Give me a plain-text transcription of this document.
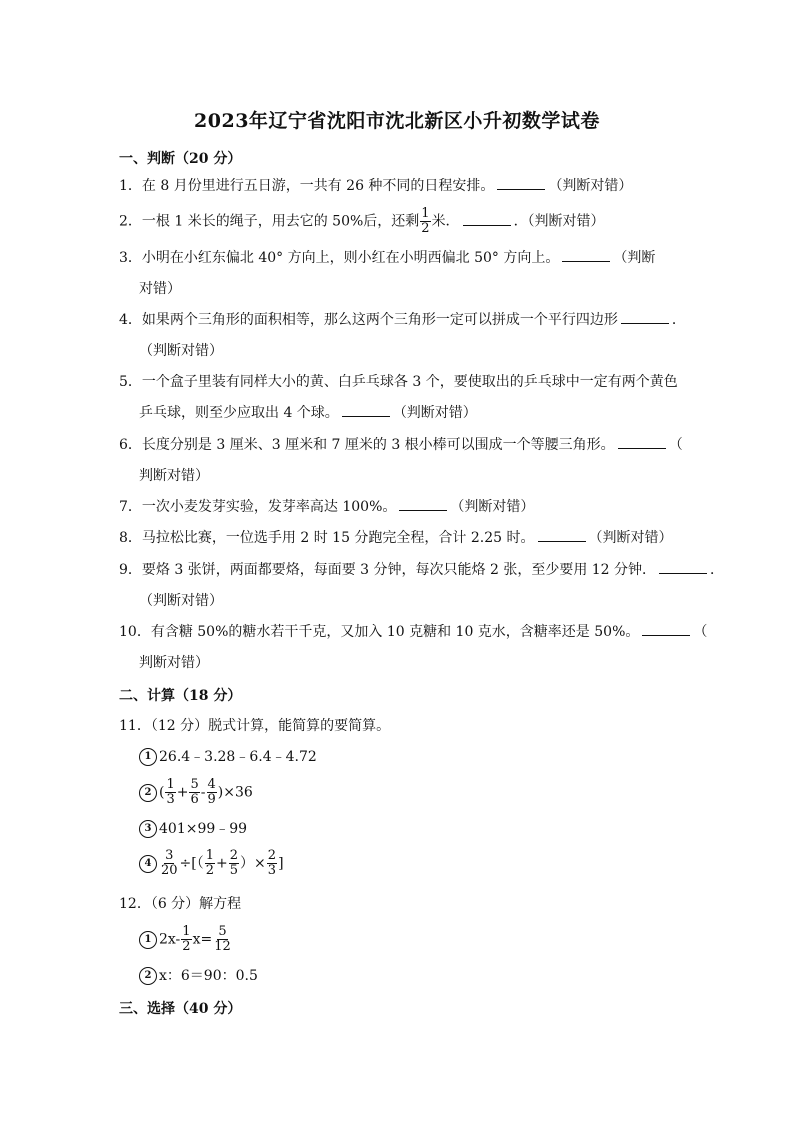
2023年辽宁省沈阳市沈北新区小升初数学试卷
一、判断（20 分）
1．在 8 月份里进行五日游，一共有 26 种不同的日程安排。	（判断对错）
2．一根 1 米长的绳子，用去它的 50%后，还剩 $\frac{1}{2}$ 米．	．（判断对错）
3．小明在小红东偏北 40° 方向上，则小红在小明西偏北 50° 方向上。	（判断
对错）
4．如果两个三角形的面积相等，那么这两个三角形一定可以拼成一个平行四边形	．
（判断对错）
5．一个盒子里装有同样大小的黄、白乒乓球各 3 个，要使取出的乒乓球中一定有两个黄色
乒乓球，则至少应取出 4 个球。	（判断对错）
6．长度分别是 3 厘米、3 厘米和 7 厘米的 3 根小棒可以围成一个等腰三角形。	（
判断对错）
7．一次小麦发芽实验，发芽率高达 100%。	（判断对错）
8．马拉松比赛，一位选手用 2 时 15 分跑完全程，合计 2.25 时。	（判断对错）
9．要烙 3 张饼，两面都要烙，每面要 3 分钟，每次只能烙 2 张，至少要用 12 分钟．	．
（判断对错）
10．有含糖 50%的糖水若干千克，又加入 10 克糖和 10 克水，含糖率还是 50%。	（
判断对错）
二、计算（18 分）
11．（12 分）脱式计算，能简算的要简算。
1 26.4﹣3.28﹣6.4﹣4.72
2 ( $\frac{1}{3} + \frac{5}{6} - \frac{4}{9} )\times 36$
3 401×99﹣99
$4 \frac{3}{20}$ ÷[（ $\frac{1}{2} + \frac{2}{5}$ ）× $\frac{2}{3}$ ]
12．（6 分）解方程
1 $2x- \frac{1}{2} x= \frac{5}{12}$
2 x：6＝90：0.5
三、选择（40 分）
